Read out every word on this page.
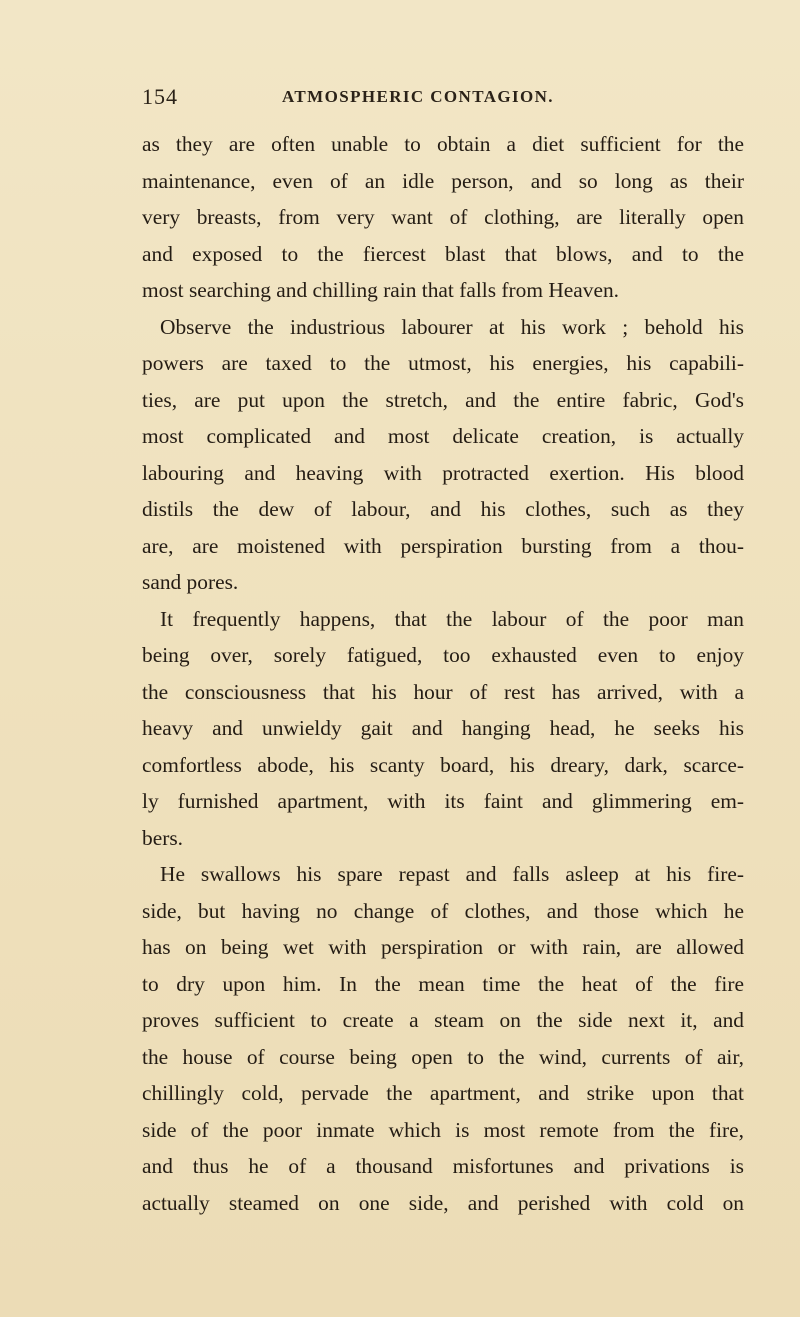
154	ATMOSPHERIC CONTAGION.
as they are often unable to obtain a diet sufficient for the
maintenance, even of an idle person, and so long as their
very breasts, from very want of clothing, are literally open
and exposed to the fiercest blast that blows, and to the
most searching and chilling rain that falls from Heaven.
Observe the industrious labourer at his work ; behold his
powers are taxed to the utmost, his energies, his capabili-
ties, are put upon the stretch, and the entire fabric, God's
most complicated and most delicate creation, is actually
labouring and heaving with protracted exertion. His blood
distils the dew of labour, and his clothes, such as they
are, are moistened with perspiration bursting from a thou-
sand pores.
It frequently happens, that the labour of the poor man
being over, sorely fatigued, too exhausted even to enjoy
the consciousness that his hour of rest has arrived, with a
heavy and unwieldy gait and hanging head, he seeks his
comfortless abode, his scanty board, his dreary, dark, scarce-
ly furnished apartment, with its faint and glimmering em-
bers.
He swallows his spare repast and falls asleep at his fire-
side, but having no change of clothes, and those which he
has on being wet with perspiration or with rain, are allowed
to dry upon him. In the mean time the heat of the fire
proves sufficient to create a steam on the side next it, and
the house of course being open to the wind, currents of air,
chillingly cold, pervade the apartment, and strike upon that
side of the poor inmate which is most remote from the fire,
and thus he of a thousand misfortunes and privations is
actually steamed on one side, and perished with cold on
